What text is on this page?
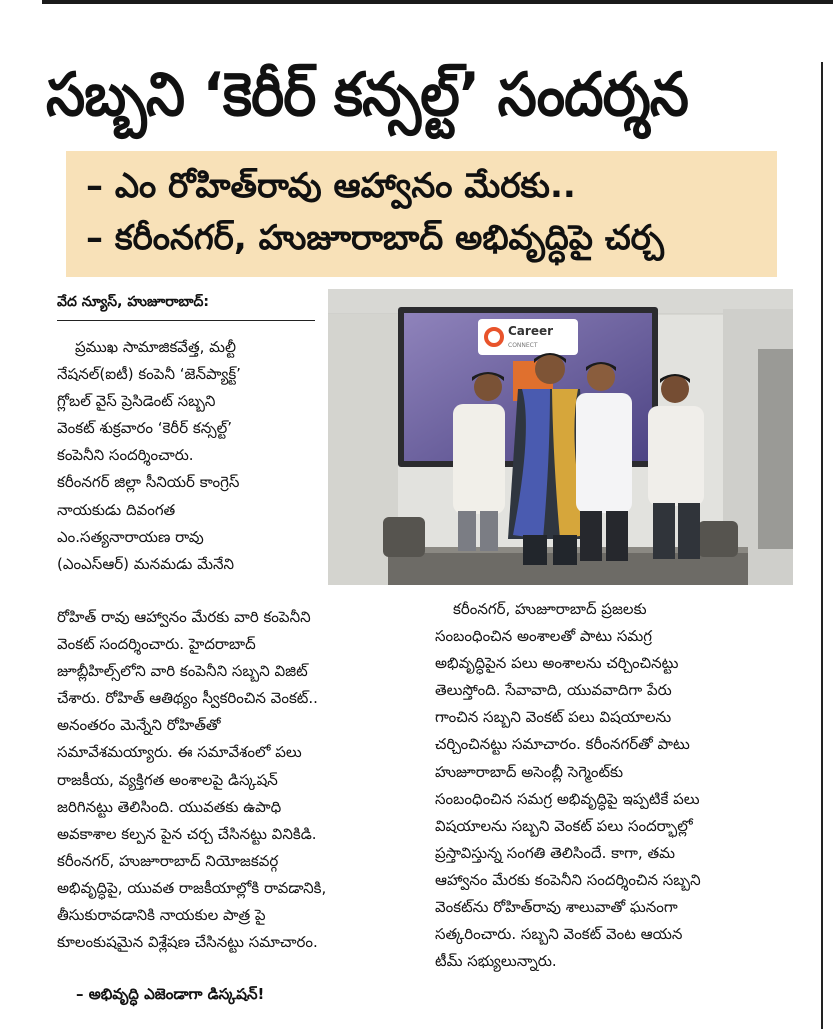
సబ్బని ‘కెరీర్ కన్సల్ట్’ సందర్శన
– ఎం రోహిత్‌రావు ఆహ్వానం మేరకు..
– కరీంనగర్, హుజూరాబాద్ అభివృద్ధిపై చర్చ
వేద న్యూస్, హుజూరాబాద్:
Career
CONNECT
ప్రముఖ సామాజికవేత్త, మల్టీ
నేషనల్(ఐటీ) కంపెనీ ‘జెన్‌ప్యాక్ట్’
గ్లోబల్ వైస్ ప్రెసిడెంట్ సబ్బని
వెంకట్ శుక్రవారం ‘కెరీర్ కన్సల్ట్’
కంపెనీని సందర్శించారు.
కరీంనగర్ జిల్లా సీనియర్ కాంగ్రెస్
నాయకుడు దివంగత
ఎం.సత్యనారాయణ రావు
(ఎంఎస్ఆర్) మనమడు మేనేని
రోహిత్ రావు ఆహ్వానం మేరకు వారి కంపెనీని
వెంకట్ సందర్శించారు. హైదరాబాద్
జూబ్లీహిల్స్‌లోని వారి కంపెనీని సబ్బని విజిట్
చేశారు. రోహిత్ ఆతిథ్యం స్వీకరించిన వెంకట్..
అనంతరం మెన్నేని రోహిత్‌తో
సమావేశమయ్యారు. ఈ సమావేశంలో పలు
రాజకీయ, వ్యక్తిగత అంశాలపై డిస్కషన్
జరిగినట్టు తెలిసింది. యువతకు ఉపాధి
అవకాశాల కల్పన పైన చర్చ చేసినట్టు వినికిడి.
కరీంనగర్, హుజూరాబాద్ నియోజకవర్గ
అభివృద్ధిపై, యువత రాజకీయాల్లోకి రావడానికి,
తీసుకురావడానికి నాయకుల పాత్ర పై
కూలంకుషమైన విశ్లేషణ చేసినట్టు సమాచారం.
– అభివృద్ధి ఎజెండాగా డిస్కషన్!
కరీంనగర్, హుజూరాబాద్ ప్రజలకు
సంబంధించిన అంశాలతో పాటు సమగ్ర
అభివృద్ధిపైన పలు అంశాలను చర్చించినట్టు
తెలుస్తోంది. సేవావాది, యువవాదిగా పేరు
గాంచిన సబ్బని వెంకట్ పలు విషయాలను
చర్చించినట్టు సమాచారం. కరీంనగర్‌తో పాటు
హుజూరాబాద్ అసెంబ్లీ సెగ్మెంట్‌కు
సంబంధించిన సమగ్ర అభివృద్ధిపై ఇప్పటికే పలు
విషయాలను సబ్బని వెంకట్ పలు సందర్భాల్లో
ప్రస్తావిస్తున్న సంగతి తెలిసిందే. కాగా, తమ
ఆహ్వానం మేరకు కంపెనీని సందర్శించిన సబ్బని
వెంకట్‌ను రోహిత్‌రావు శాలువాతో ఘనంగా
సత్కరించారు. సబ్బని వెంకట్ వెంట ఆయన
టీమ్ సభ్యులున్నారు.
